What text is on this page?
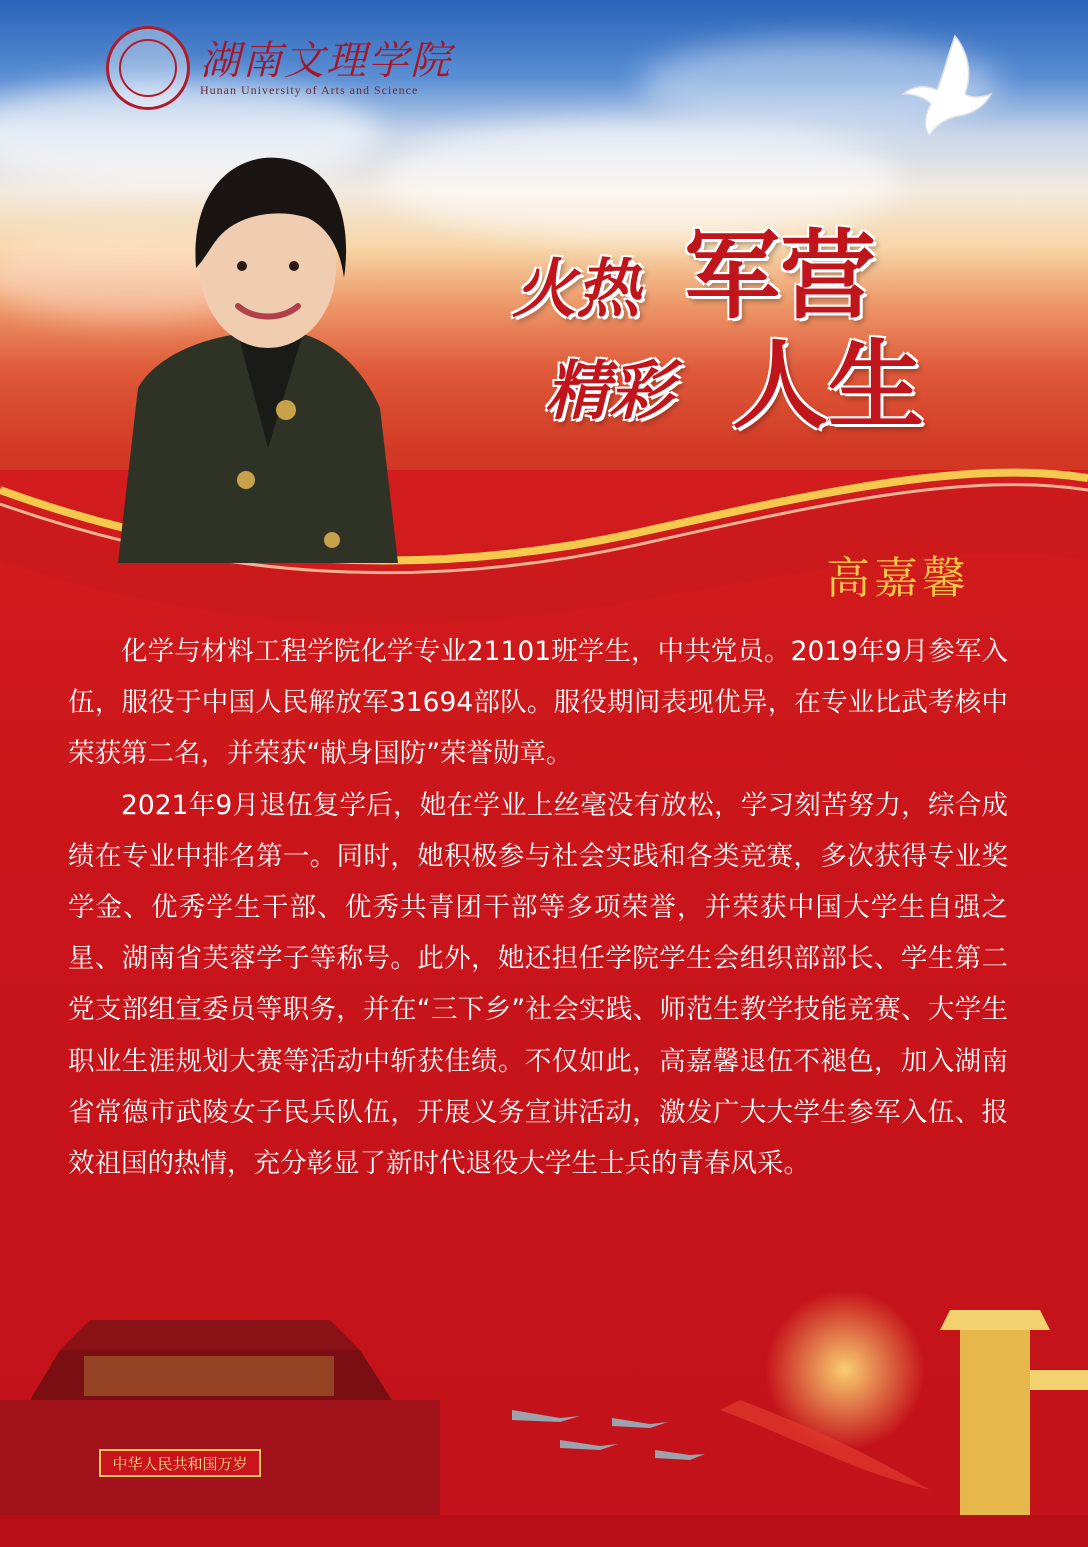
湖南文理学院
Hunan University of Arts and Science
火热 军营
精彩 人生
高嘉馨

化学与材料工程学院化学专业21101班学生，中共党员。2019年9月参军入伍，服役于中国人民解放军31694部队。服役期间表现优异，在专业比武考核中荣获第二名，并荣获“献身国防”荣誉勋章。

2021年9月退伍复学后，她在学业上丝毫没有放松，学习刻苦努力，综合成绩在专业中排名第一。同时，她积极参与社会实践和各类竞赛，多次获得专业奖学金、优秀学生干部、优秀共青团干部等多项荣誉，并荣获中国大学生自强之星、湖南省芙蓉学子等称号。此外，她还担任学院学生会组织部部长、学生第二党支部组宣委员等职务，并在“三下乡”社会实践、师范生教学技能竞赛、大学生职业生涯规划大赛等活动中斩获佳绩。不仅如此，高嘉馨退伍不褪色，加入湖南省常德市武陵女子民兵队伍，开展义务宣讲活动，激发广大大学生参军入伍、报效祖国的热情，充分彰显了新时代退役大学生士兵的青春风采。

中华人民共和国万岁
